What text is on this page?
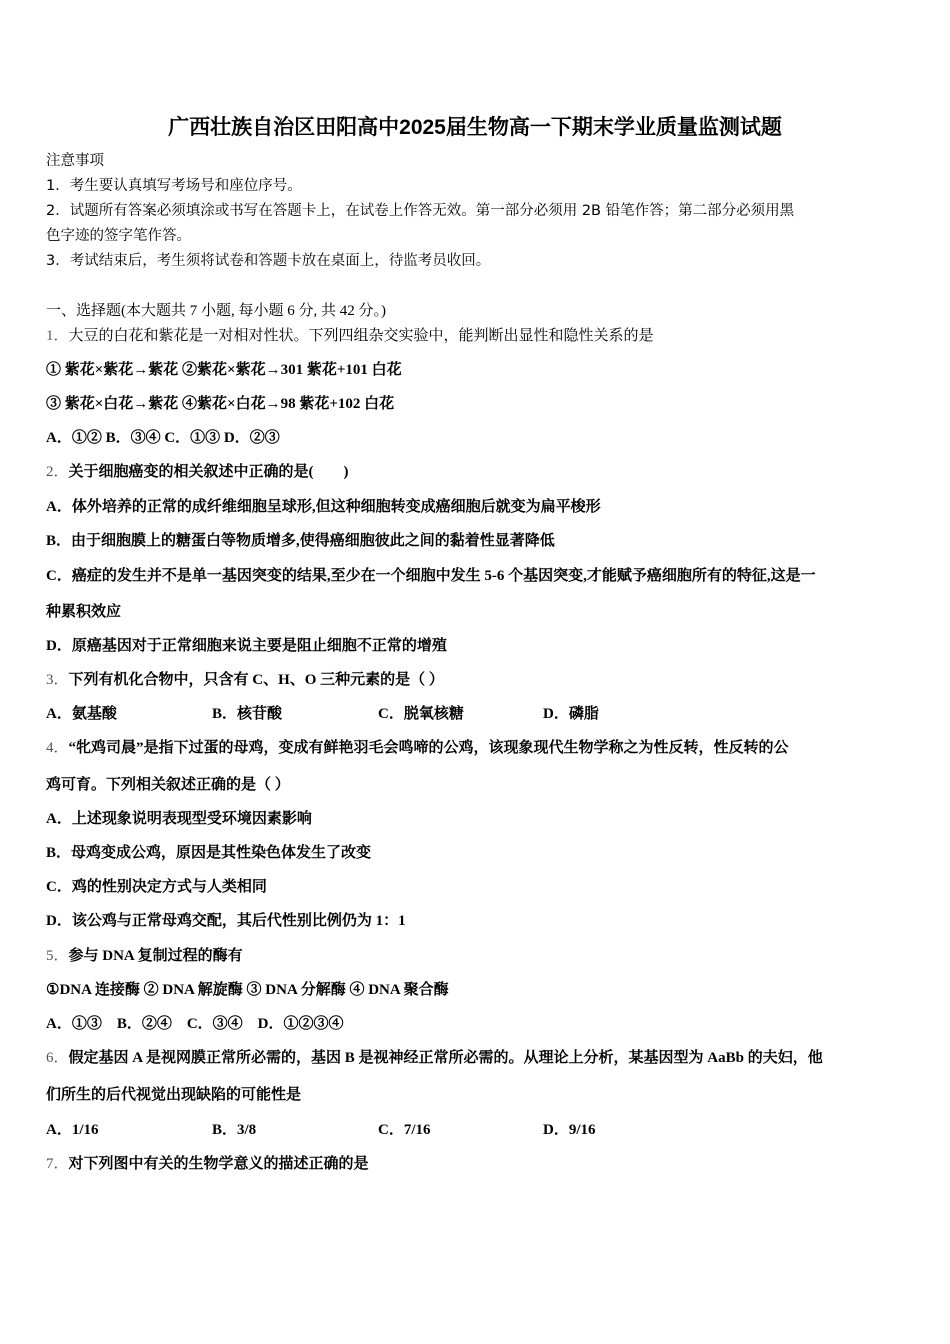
广西壮族自治区田阳高中2025届生物高一下期末学业质量监测试题
注意事项
1．考生要认真填写考场号和座位序号。
2．试题所有答案必须填涂或书写在答题卡上，在试卷上作答无效。第一部分必须用 2B 铅笔作答；第二部分必须用黑
色字迹的签字笔作答。
3．考试结束后，考生须将试卷和答题卡放在桌面上，待监考员收回。
一、选择题(本大题共 7 小题, 每小题 6 分, 共 42 分。)
1．大豆的白花和紫花是一对相对性状。下列四组杂交实验中，能判断出显性和隐性关系的是
① 紫花×紫花→紫花 ②紫花×紫花→301 紫花+101 白花
③ 紫花×白花→紫花 ④紫花×白花→98 紫花+102 白花
A．①② B．③④ C．①③ D．②③
2．关于细胞癌变的相关叙述中正确的是(　　)
A．体外培养的正常的成纤维细胞呈球形,但这种细胞转变成癌细胞后就变为扁平梭形
B．由于细胞膜上的糖蛋白等物质增多,使得癌细胞彼此之间的黏着性显著降低
C．癌症的发生并不是单一基因突变的结果,至少在一个细胞中发生 5-6 个基因突变,才能赋予癌细胞所有的特征,这是一
种累积效应
D．原癌基因对于正常细胞来说主要是阻止细胞不正常的增殖
3．下列有机化合物中，只含有 C、H、O 三种元素的是（ ）
A．氨基酸	B．核苷酸	C．脱氧核糖	D．磷脂
4．“牝鸡司晨”是指下过蛋的母鸡，变成有鲜艳羽毛会鸣啼的公鸡，该现象现代生物学称之为性反转，性反转的公
鸡可育。下列相关叙述正确的是（ ）
A．上述现象说明表现型受环境因素影响
B．母鸡变成公鸡，原因是其性染色体发生了改变
C．鸡的性别决定方式与人类相同
D．该公鸡与正常母鸡交配，其后代性别比例仍为 1：1
5．参与 DNA 复制过程的酶有
①DNA 连接酶 ② DNA 解旋酶 ③ DNA 分解酶 ④ DNA 聚合酶
A．①③　B．②④　C．③④　D．①②③④
6．假定基因 A 是视网膜正常所必需的，基因 B 是视神经正常所必需的。从理论上分析，某基因型为 AaBb 的夫妇，他
们所生的后代视觉出现缺陷的可能性是
A．1/16	B．3/8	C．7/16	D．9/16
7．对下列图中有关的生物学意义的描述正确的是
